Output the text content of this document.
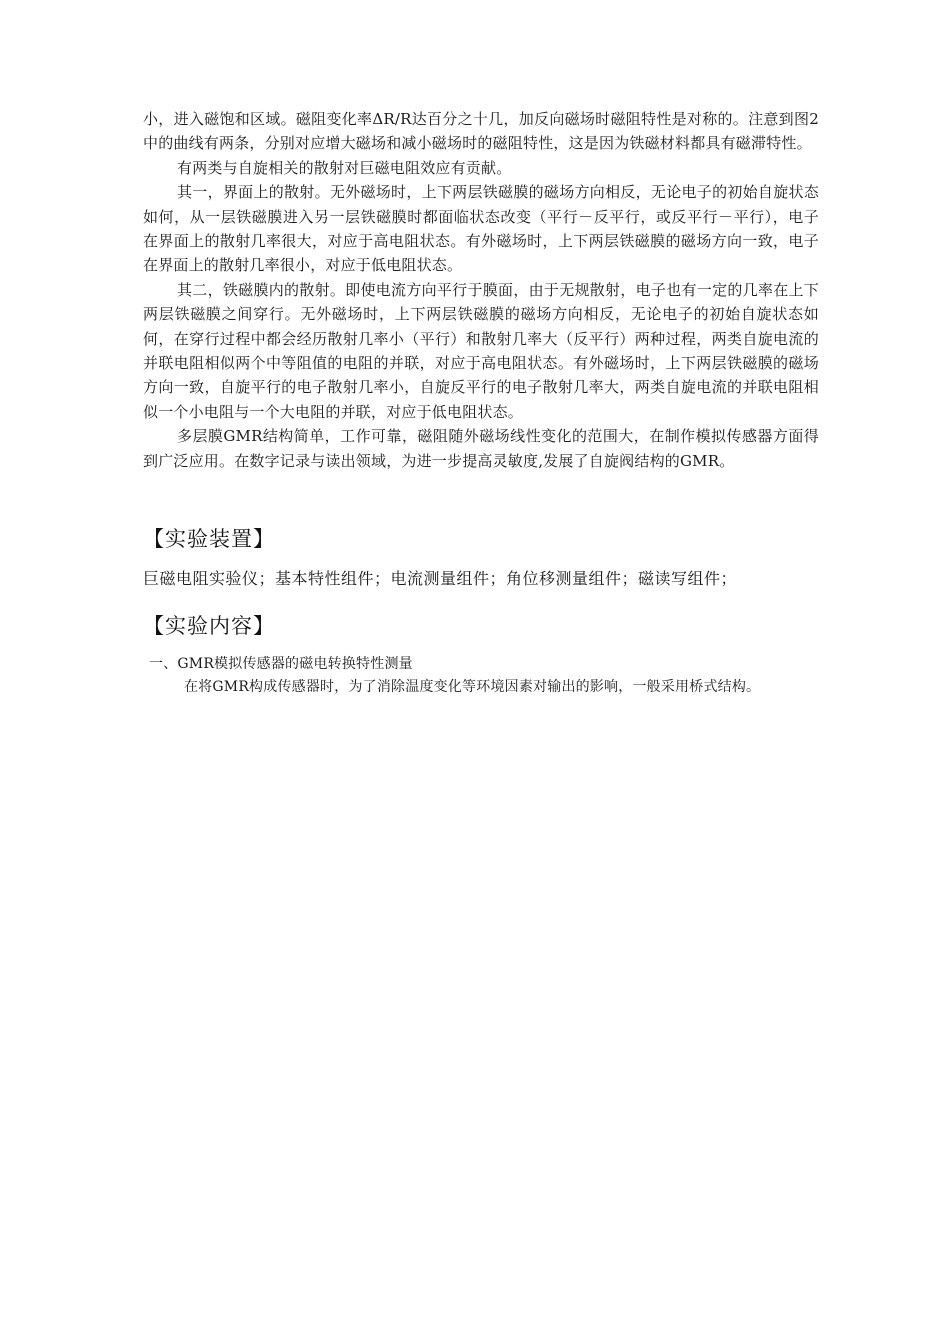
小，进入磁饱和区域。磁阻变化率ΔR/R达百分之十几，加反向磁场时磁阻特性是对称的。注意到图2中的曲线有两条，分别对应增大磁场和减小磁场时的磁阻特性，这是因为铁磁材料都具有磁滞特性。

有两类与自旋相关的散射对巨磁电阻效应有贡献。

其一，界面上的散射。无外磁场时，上下两层铁磁膜的磁场方向相反，无论电子的初始自旋状态如何，从一层铁磁膜进入另一层铁磁膜时都面临状态改变（平行－反平行，或反平行－平行），电子在界面上的散射几率很大，对应于高电阻状态。有外磁场时，上下两层铁磁膜的磁场方向一致，电子在界面上的散射几率很小，对应于低电阻状态。

其二，铁磁膜内的散射。即使电流方向平行于膜面，由于无规散射，电子也有一定的几率在上下两层铁磁膜之间穿行。无外磁场时，上下两层铁磁膜的磁场方向相反，无论电子的初始自旋状态如何，在穿行过程中都会经历散射几率小（平行）和散射几率大（反平行）两种过程，两类自旋电流的并联电阻相似两个中等阻值的电阻的并联，对应于高电阻状态。有外磁场时，上下两层铁磁膜的磁场方向一致，自旋平行的电子散射几率小，自旋反平行的电子散射几率大，两类自旋电流的并联电阻相似一个小电阻与一个大电阻的并联，对应于低电阻状态。

多层膜GMR结构简单，工作可靠，磁阻随外磁场线性变化的范围大，在制作模拟传感器方面得到广泛应用。在数字记录与读出领域，为进一步提高灵敏度,发展了自旋阀结构的GMR。

【实验装置】

巨磁电阻实验仪；基本特性组件；电流测量组件；角位移测量组件；磁读写组件；

【实验内容】

一、GMR模拟传感器的磁电转换特性测量

在将GMR构成传感器时，为了消除温度变化等环境因素对输出的影响，一般采用桥式结构。
